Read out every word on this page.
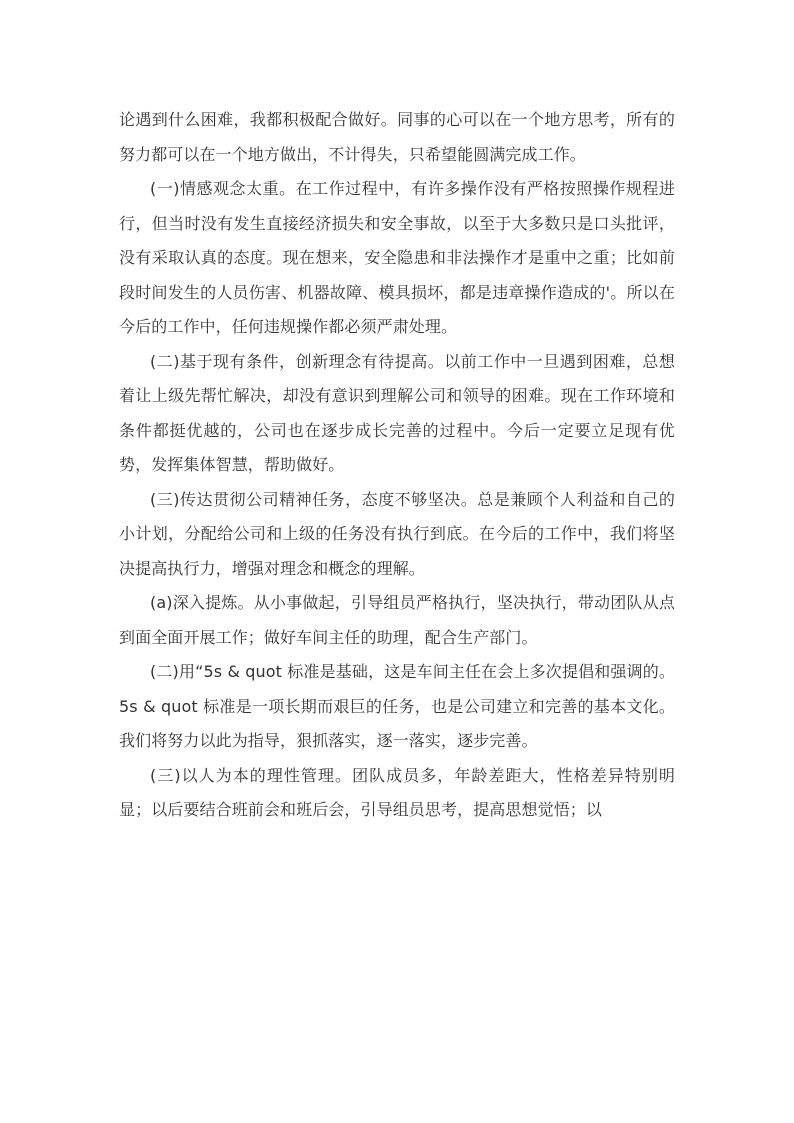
论遇到什么困难，我都积极配合做好。同事的心可以在一个地方思考，所有的努力都可以在一个地方做出，不计得失，只希望能圆满完成工作。

(一)情感观念太重。在工作过程中，有许多操作没有严格按照操作规程进行，但当时没有发生直接经济损失和安全事故，以至于大多数只是口头批评，没有采取认真的态度。现在想来，安全隐患和非法操作才是重中之重；比如前段时间发生的人员伤害、机器故障、模具损坏，都是违章操作造成的'。所以在今后的工作中，任何违规操作都必须严肃处理。

(二)基于现有条件，创新理念有待提高。以前工作中一旦遇到困难，总想着让上级先帮忙解决，却没有意识到理解公司和领导的困难。现在工作环境和条件都挺优越的，公司也在逐步成长完善的过程中。今后一定要立足现有优势，发挥集体智慧，帮助做好。

(三)传达贯彻公司精神任务，态度不够坚决。总是兼顾个人利益和自己的小计划，分配给公司和上级的任务没有执行到底。在今后的工作中，我们将坚决提高执行力，增强对理念和概念的理解。

(a)深入提炼。从小事做起，引导组员严格执行，坚决执行，带动团队从点到面全面开展工作；做好车间主任的助理，配合生产部门。

(二)用“5s & quot 标准是基础，这是车间主任在会上多次提倡和强调的。5s & quot 标准是一项长期而艰巨的任务，也是公司建立和完善的基本文化。我们将努力以此为指导，狠抓落实，逐一落实，逐步完善。

(三)以人为本的理性管理。团队成员多，年龄差距大，性格差异特别明显；以后要结合班前会和班后会，引导组员思考，提高思想觉悟；以
